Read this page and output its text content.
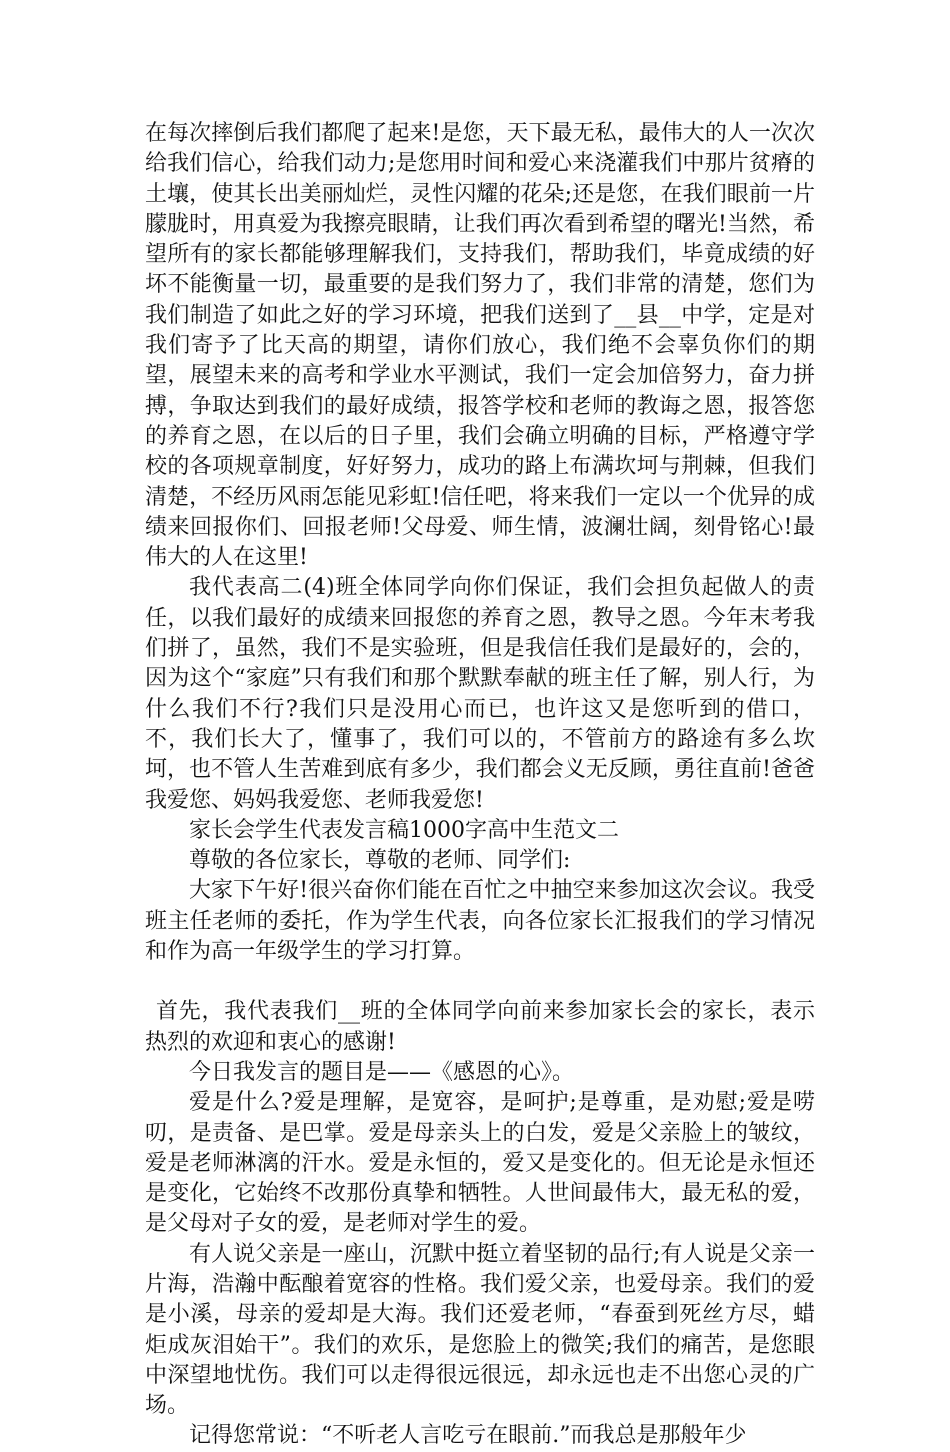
在每次摔倒后我们都爬了起来!是您，天下最无私，最伟大的人一次次给我们信心，给我们动力;是您用时间和爱心来浇灌我们中那片贫瘠的土壤，使其长出美丽灿烂，灵性闪耀的花朵;还是您，在我们眼前一片朦胧时，用真爱为我擦亮眼睛，让我们再次看到希望的曙光!当然，希望所有的家长都能够理解我们，支持我们，帮助我们，毕竟成绩的好坏不能衡量一切，最重要的是我们努力了，我们非常的清楚，您们为我们制造了如此之好的学习环境，把我们送到了__县__中学，定是对我们寄予了比天高的期望，请你们放心，我们绝不会辜负你们的期望，展望未来的高考和学业水平测试，我们一定会加倍努力，奋力拼搏，争取达到我们的最好成绩，报答学校和老师的教诲之恩，报答您的养育之恩，在以后的日子里，我们会确立明确的目标，严格遵守学校的各项规章制度，好好努力，成功的路上布满坎坷与荆棘，但我们清楚，不经历风雨怎能见彩虹!信任吧，将来我们一定以一个优异的成绩来回报你们、回报老师!父母爱、师生情，波澜壮阔，刻骨铭心!最伟大的人在这里!

我代表高二(4)班全体同学向你们保证，我们会担负起做人的责任，以我们最好的成绩来回报您的养育之恩，教导之恩。今年末考我们拼了，虽然，我们不是实验班，但是我信任我们是最好的，会的，因为这个“家庭”只有我们和那个默默奉献的班主任了解，别人行，为什么我们不行?我们只是没用心而已，也许这又是您听到的借口，不，我们长大了，懂事了，我们可以的，不管前方的路途有多么坎坷，也不管人生苦难到底有多少，我们都会义无反顾，勇往直前!爸爸我爱您、妈妈我爱您、老师我爱您!

家长会学生代表发言稿1000字高中生范文二

尊敬的各位家长，尊敬的老师、同学们:

大家下午好!很兴奋你们能在百忙之中抽空来参加这次会议。我受班主任老师的委托，作为学生代表，向各位家长汇报我们的学习情况和作为高一年级学生的学习打算。

首先，我代表我们__班的全体同学向前来参加家长会的家长，表示热烈的欢迎和衷心的感谢!

今日我发言的题目是——《感恩的心》。

爱是什么?爱是理解，是宽容，是呵护;是尊重，是劝慰;爱是唠叨，是责备、是巴掌。爱是母亲头上的白发，爱是父亲脸上的皱纹，爱是老师淋漓的汗水。爱是永恒的，爱又是变化的。但无论是永恒还是变化，它始终不改那份真挚和牺牲。人世间最伟大，最无私的爱，是父母对子女的爱，是老师对学生的爱。

有人说父亲是一座山，沉默中挺立着坚韧的品行;有人说是父亲一片海，浩瀚中酝酿着宽容的性格。我们爱父亲，也爱母亲。我们的爱是小溪，母亲的爱却是大海。我们还爱老师，“春蚕到死丝方尽，蜡炬成灰泪始干”。我们的欢乐，是您脸上的微笑;我们的痛苦，是您眼中深望地忧伤。我们可以走得很远很远，却永远也走不出您心灵的广场。

记得您常说：“不听老人言吃亏在眼前.”而我总是那般年少
